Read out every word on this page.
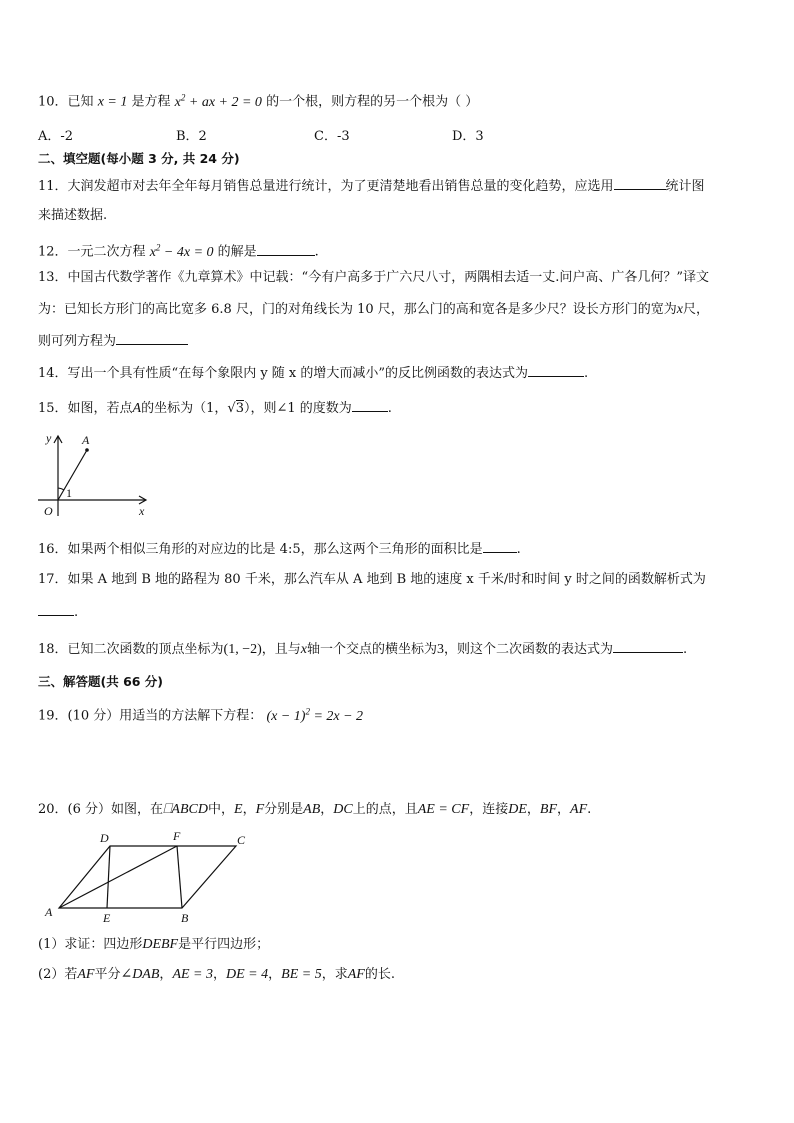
10．已知 x = 1 是方程 $x^2$ + ax + 2 = 0 的一个根，则方程的另一个根为（ ）
A．-2	B．2	C．-3	D．3
二、填空题(每小题 3 分, 共 24 分)
11．大润发超市对去年全年每月销售总量进行统计，为了更清楚地看出销售总量的变化趋势，应选用	统计图
来描述数据.
12．一元二次方程 $x^2 - 4x = 0$ 的解是	.
13．中国古代数学著作《九章算术》中记载：“今有户高多于广六尺八寸，两隅相去适一丈.问户高、广各几何？”译文
为：已知长方形门的高比宽多 6.8 尺，门的对角线长为 10 尺，那么门的高和宽各是多少尺？设长方形门的宽为x尺，
则可列方程为
14．写出一个具有性质“在每个象限内 y 随 x 的增大而减小”的反比例函数的表达式为	.
15．如图，若点A的坐标为（1，√3），则∠1 的度数为	.
y
x
O
A
1
16．如果两个相似三角形的对应边的比是 4:5，那么这两个三角形的面积比是	.
17．如果 A 地到 B 地的路程为 80 千米，那么汽车从 A 地到 B 地的速度 x 千米/时和时间 y 时之间的函数解析式为
.
18．已知二次函数的顶点坐标为(1, −2)，且与x轴一个交点的横坐标为3，则这个二次函数的表达式为	.
三、解答题(共 66 分)
19．(10 分）用适当的方法解下方程： $(x - 1)^2 = 2x - 2$
20．(6 分）如图，在⎕ABCD中，E，F分别是AB，DC上的点，且AE = CF，连接DE，BF，AF.
D	F	C
A	E	B
(1）求证：四边形DEBF是平行四边形；
(2）若AF平分∠DAB，AE = 3，DE = 4，BE = 5，求AF的长.
